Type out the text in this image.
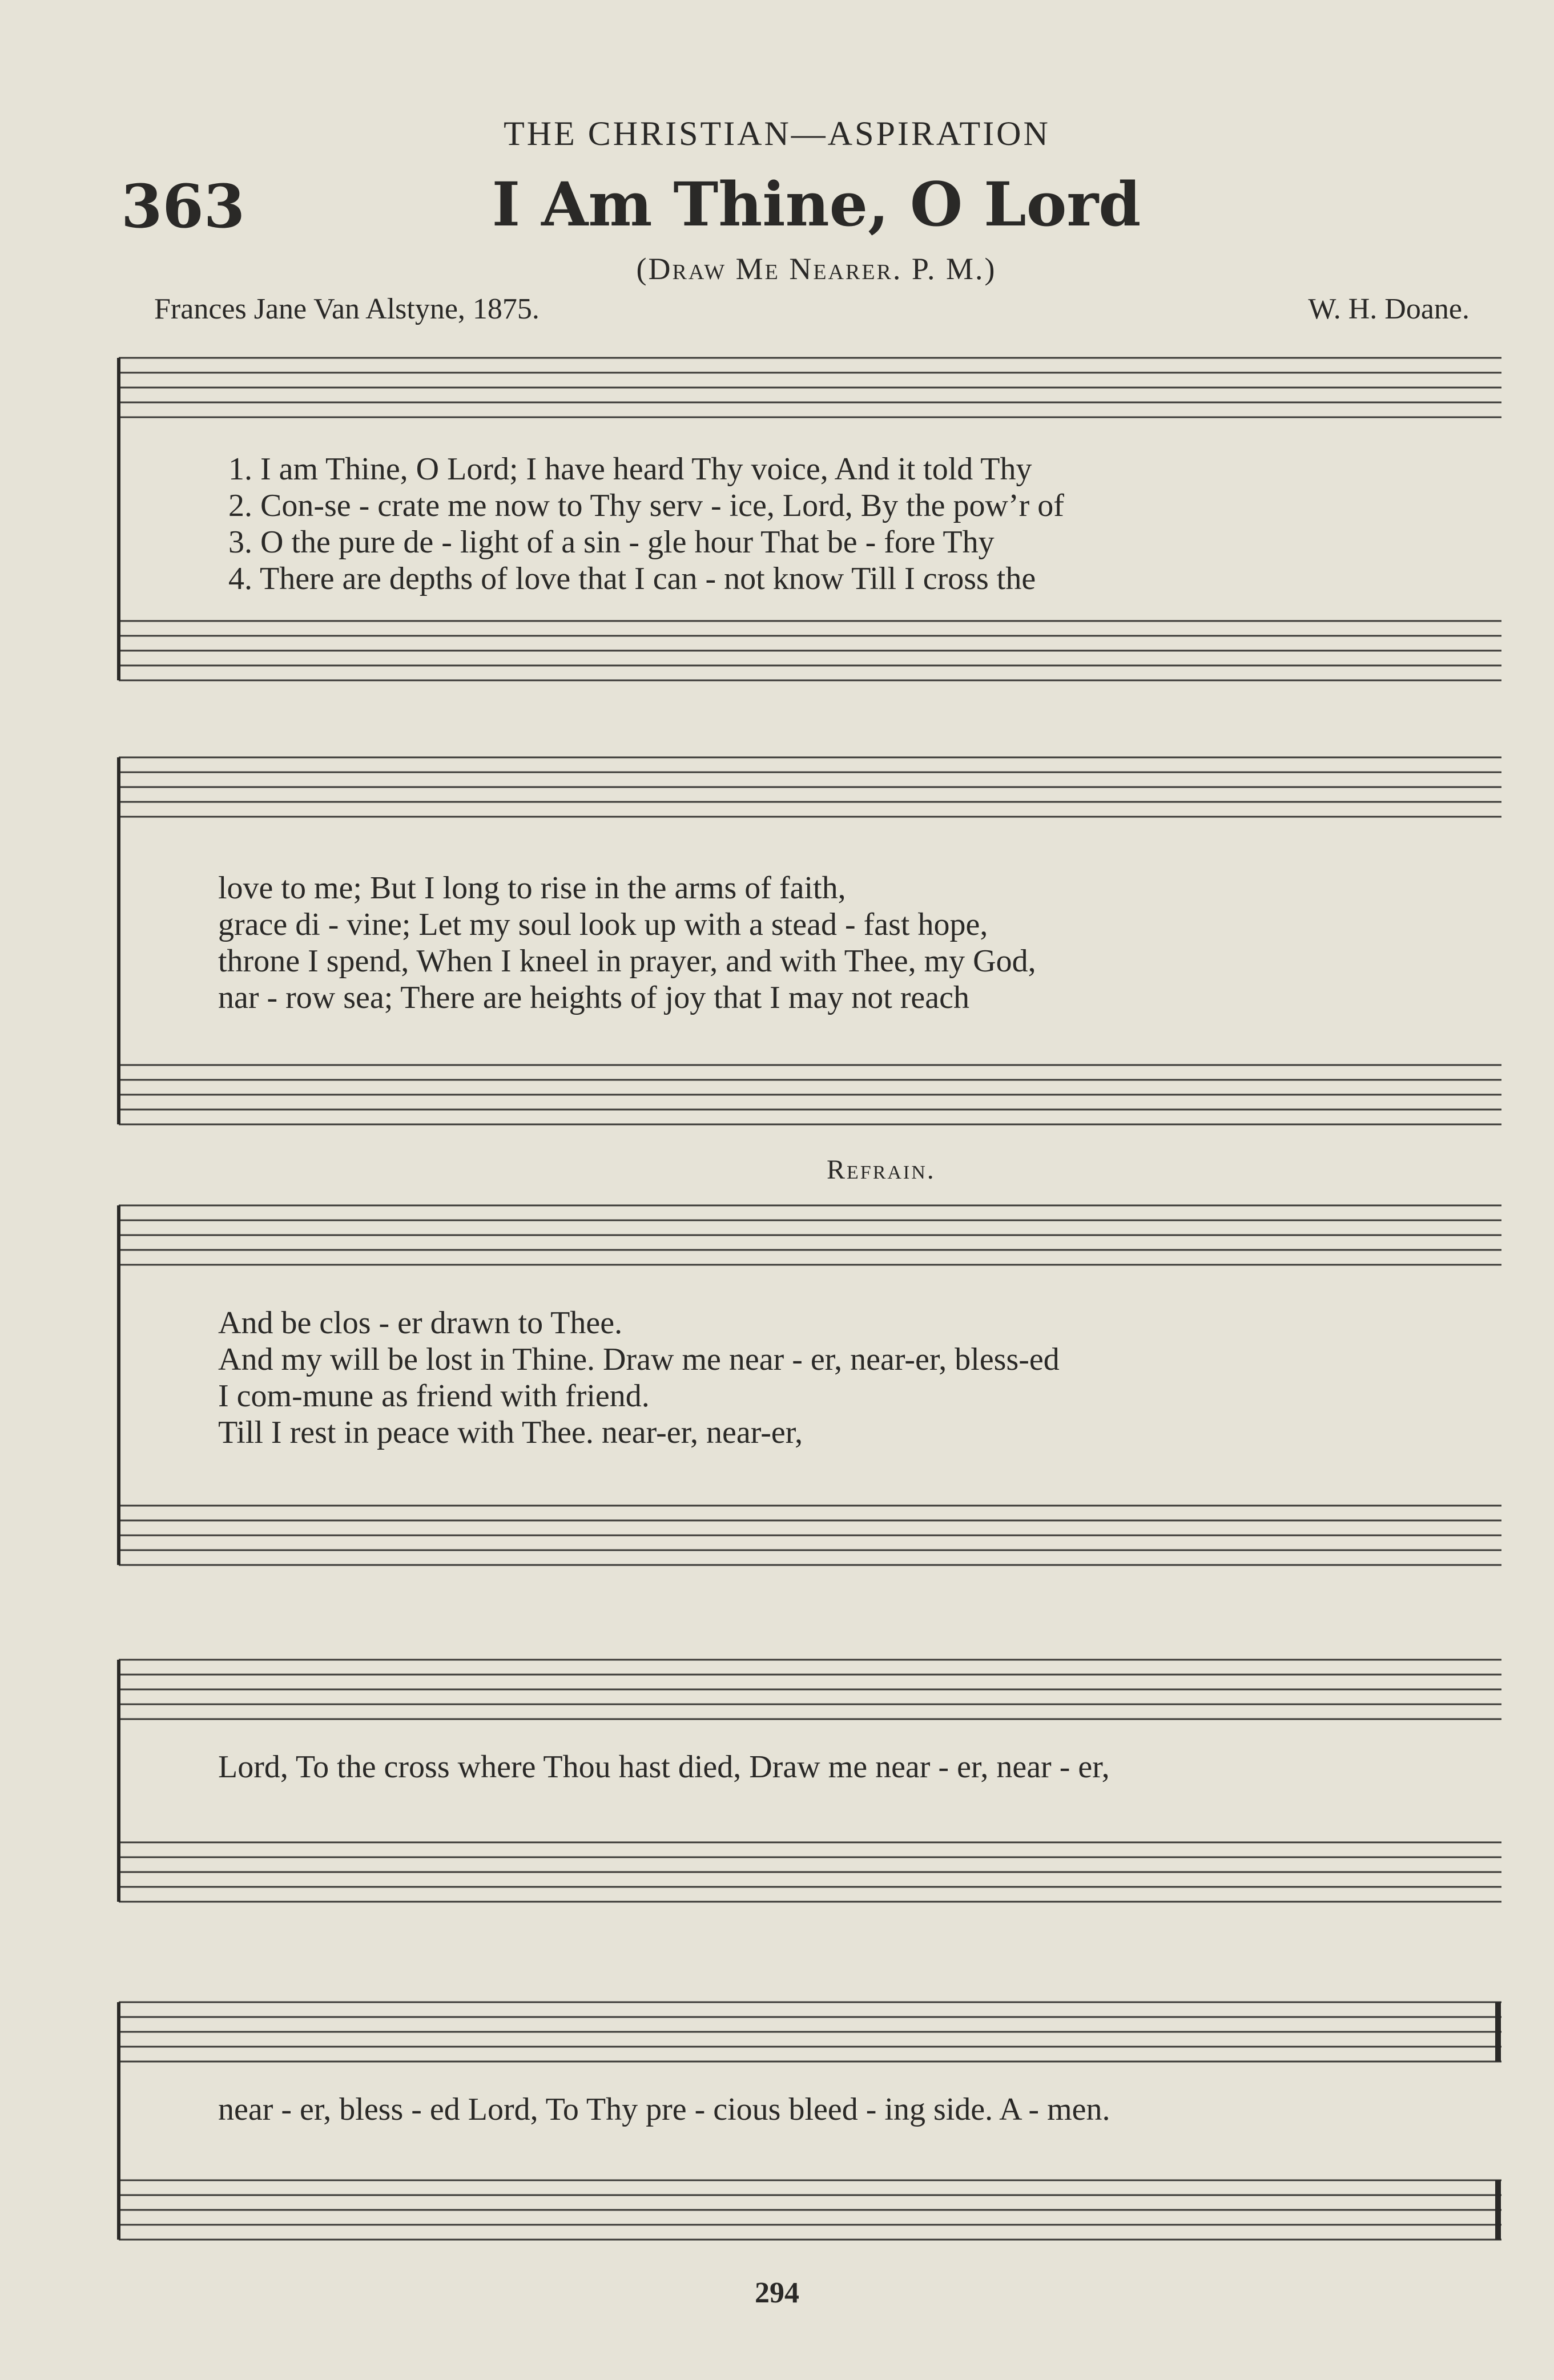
THE CHRISTIAN—ASPIRATION
363	I Am Thine, O Lord
(Draw Me Nearer. P. M.)
Frances Jane Van Alstyne, 1875.	W. H. Doane.
1. I am Thine, O Lord; I have heard Thy voice, And it told Thy
2. Con-se - crate me now to Thy serv - ice, Lord, By the pow’r of
3. O the pure de - light of a sin - gle hour That be - fore Thy
4. There are depths of love that I can - not know Till I cross the
love to me; But I long to rise in the arms of faith,
grace di - vine; Let my soul look up with a stead - fast hope,
throne I spend, When I kneel in prayer, and with Thee, my God,
nar - row sea; There are heights of joy that I may not reach
Refrain.
And be clos - er drawn to Thee.
And my will be lost in Thine. Draw me near - er, near-er, bless-ed
I com-mune as friend with friend.
Till I rest in peace with Thee. near-er, near-er,
Lord, To the cross where Thou hast died, Draw me near - er, near - er,
near - er, bless - ed Lord, To Thy pre - cious bleed - ing side. A - men.
294
